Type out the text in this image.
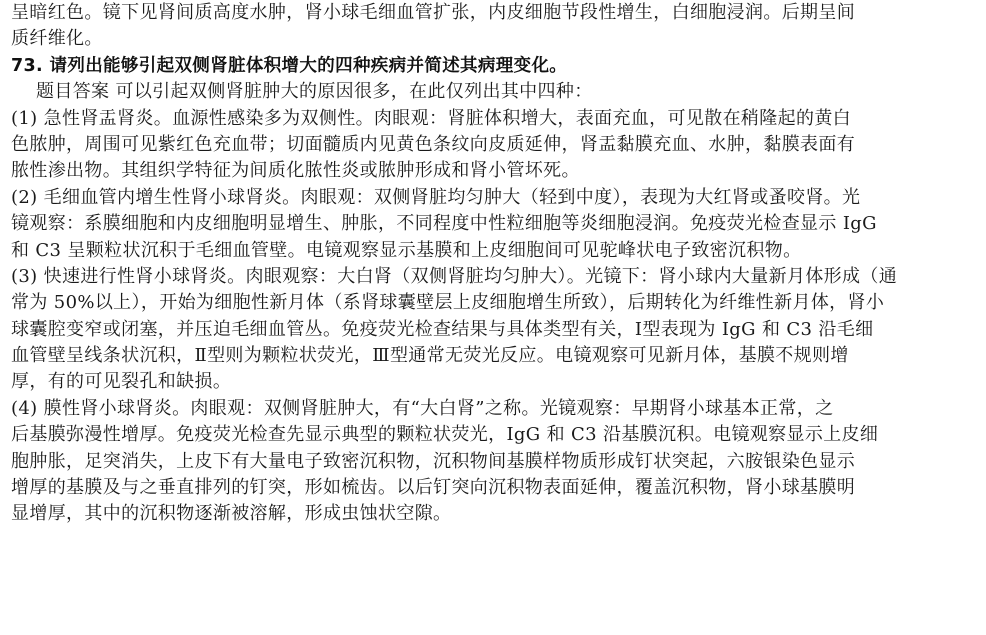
呈暗红色。镜下见肾间质高度水肿，肾小球毛细血管扩张，内皮细胞节段性增生，白细胞浸润。后期呈间
质纤维化。
73. 请列出能够引起双侧肾脏体积增大的四种疾病并简述其病理变化。
题目答案 可以引起双侧肾脏肿大的原因很多，在此仅列出其中四种：
(1) 急性肾盂肾炎。血源性感染多为双侧性。肉眼观：肾脏体积增大，表面充血，可见散在稍隆起的黄白
色脓肿，周围可见紫红色充血带；切面髓质内见黄色条纹向皮质延伸，肾盂黏膜充血、水肿，黏膜表面有
脓性渗出物。其组织学特征为间质化脓性炎或脓肿形成和肾小管坏死。
(2) 毛细血管内增生性肾小球肾炎。肉眼观：双侧肾脏均匀肿大（轻到中度），表现为大红肾或蚤咬肾。光
镜观察：系膜细胞和内皮细胞明显增生、肿胀，不同程度中性粒细胞等炎细胞浸润。免疫荧光检查显示 IgG
和 C3 呈颗粒状沉积于毛细血管壁。电镜观察显示基膜和上皮细胞间可见驼峰状电子致密沉积物。
(3) 快速进行性肾小球肾炎。肉眼观察：大白肾（双侧肾脏均匀肿大）。光镜下：肾小球内大量新月体形成（通
常为 50%以上），开始为细胞性新月体（系肾球囊壁层上皮细胞增生所致），后期转化为纤维性新月体，肾小
球囊腔变窄或闭塞，并压迫毛细血管丛。免疫荧光检查结果与具体类型有关，Ⅰ型表现为 IgG 和 C3 沿毛细
血管壁呈线条状沉积，Ⅱ型则为颗粒状荧光，Ⅲ型通常无荧光反应。电镜观察可见新月体，基膜不规则增
厚，有的可见裂孔和缺损。
(4) 膜性肾小球肾炎。肉眼观：双侧肾脏肿大，有“大白肾”之称。光镜观察：早期肾小球基本正常，之
后基膜弥漫性增厚。免疫荧光检查先显示典型的颗粒状荧光，IgG 和 C3 沿基膜沉积。电镜观察显示上皮细
胞肿胀，足突消失，上皮下有大量电子致密沉积物，沉积物间基膜样物质形成钉状突起，六胺银染色显示
增厚的基膜及与之垂直排列的钉突，形如梳齿。以后钉突向沉积物表面延伸，覆盖沉积物，肾小球基膜明
显增厚，其中的沉积物逐渐被溶解，形成虫蚀状空隙。
